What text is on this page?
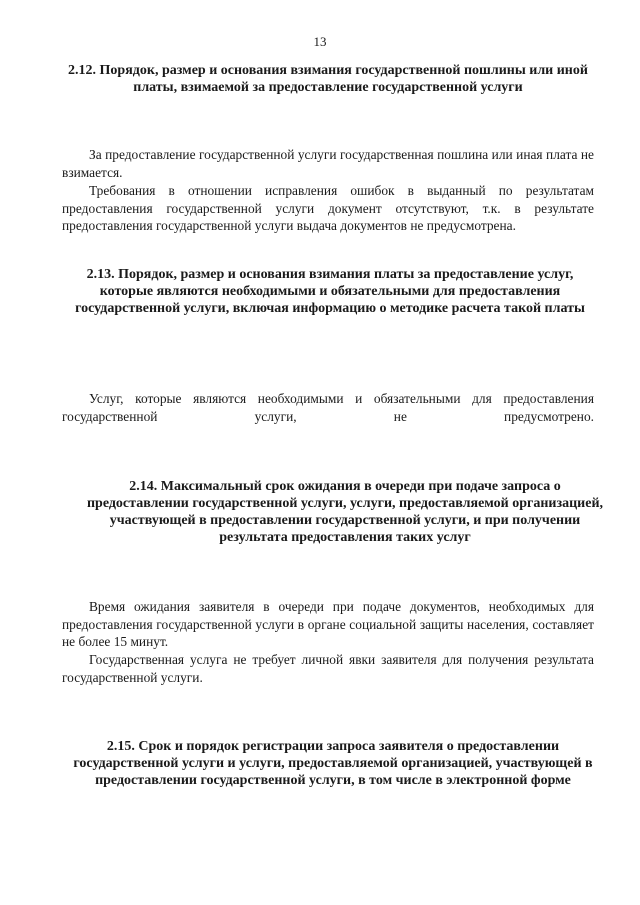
13

2.12. Порядок, размер и основания взимания государственной пошлины или иной платы, взимаемой за предоставление государственной услуги

За предоставление государственной услуги государственная пошлина или иная плата не взимается.

Требования в отношении исправления ошибок в выданный по результатам предоставления государственной услуги документ отсутствуют, т.к. в результате предоставления государственной услуги выдача документов не предусмотрена.

2.13. Порядок, размер и основания взимания платы за предоставление услуг, которые являются необходимыми и обязательными для предоставления государственной услуги, включая информацию о методике расчета такой платы

Услуг, которые являются необходимыми и обязательными для предоставления государственной услуги, не предусмотрено.

2.14. Максимальный срок ожидания в очереди при подаче запроса о предоставлении государственной услуги, услуги, предоставляемой организацией, участвующей в предоставлении государственной услуги, и при получении результата предоставления таких услуг

Время ожидания заявителя в очереди при подаче документов, необходимых для предоставления государственной услуги в органе социальной защиты населения, составляет не более 15 минут.

Государственная услуга не требует личной явки заявителя для получения результата государственной услуги.

2.15. Срок и порядок регистрации запроса заявителя о предоставлении государственной услуги и услуги, предоставляемой организацией, участвующей в предоставлении государственной услуги, в том числе в электронной форме
